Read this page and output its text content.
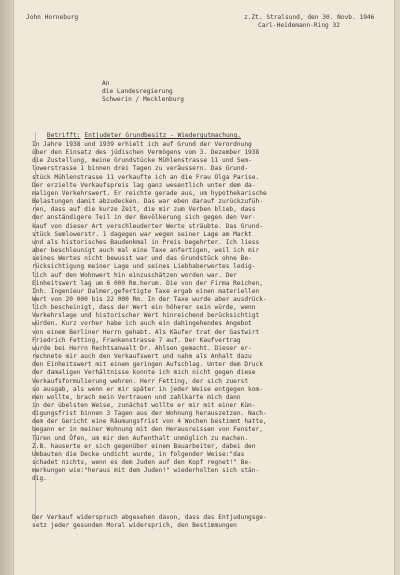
John Horneburg	z.Zt. Stralsund, den 30. Novb. 1946
Carl-Heidemann-Ring 32
An
die Landesregierung
Schwerin / Mecklenburg

Betrifft: Entjudeter Grundbesitz - Wiedergutmachung.

In Jahre 1938 und 1939 erhielt ich auf Grund der Verordnung
über den Einsatz des jüdischen Vermögens vom 3. Dezember 1938
die Zustellung, meine Grundstücke Mühlenstrasse 11 und Sem-
lowerstrasse 1 binnen drei Tagen zu veräussern. Das Grund-
stück Mühlenstrasse 11 verkaufte ich an die Frau Olga Parise.
Der erzielte Verkaufspreis lag ganz wesentlich unter dem da-
maligen Verkehrswert. Er reichte gerade aus, um hypothekarische
Belastungen damit abzudecken. Das war eben darauf zurückzufüh-
ren, dass auf die kurze Zeit, die mir zum Verben blieb, dass
der anständigere Teil in der Bevölkerung sich gegen den Ver-
kauf von dieser Art verschleuderter Werte sträubte. Das Grund-
stück Semlowerstr. 1 dagegen war wegen seiner Lage am Markt
und als historisches Baudenkmal in Preis begehrter. Ich liess
aber beschleunigt auch mal eine Taxe anfertigen, weil ich mir
seines Wertes nicht bewusst war und das Grundstück ohne Be-
rücksichtigung meiner Lage und seines Liebhaberwertes ledig-
lich auf den Wohnwert hin einzuschätzen worden war. Der
Einheitswert lag um 6 000 Rm.herum. Die von der Firma Reichen,
Inh. Ingenieur Dalmer,gefertigte Taxe ergab einen materiellen
Wert von 20 000 bis 22 000 Rm. In der Taxe wurde aber ausdrück-
lich bescheinigt, dass der Wert ein höherer sein würde, wenn
Verkehrslage und historischer Wert hinreichend berücksichtigt
würden. Kurz vorher habe ich auch ein dahingehendes Angebot
von einem Berliner Herrn gehabt. Als Käufer trat der Gastwirt
Friedrich Fetting, Frankenstrasse 7 auf. Der Kaufvertrag
wurde bei Herrn Rechtsanwalt Dr. Ahlsen gemacht. Dieser er-
rechnete mir auch den Verkaufswert und nahm als Anhalt dazu
den Einheitswert mit einem geringen Aufschlag. Unter dem Druck
der damaligen Verhältnisse konnte ich mich nicht gegen diese
Verkaufsformulierung wehren. Herr Fetting, der sich zuerst
so ausgab, als wenn er mir später in jeder Weise entgegen kom-
men wollte, brach mein Vertrauen und zahlkarte mich dann
in der übelsten Weise, zunächst wollte er mir mit einer Kün-
digungsfrist binnen 3 Tagen aus der Wohnung herauszetzen. Nach-
dem der Gericht eine Räumungsfrist von 4 Wochen bestimmt hatte,
begann er in meiner Wohnung mit den Herausreissen von Fenster,
Türen und Öfen, um mir den Aufenthalt unmöglich zu machen.
Z.B. hauserte er sich gegenüber einem Bauarbeiter, dabei den
Umbauten die Decke undicht wurde, in folgender Weise:"das
schadet nichts, wenn es dem Juden auf den Kopf regnet!" Be-
merkungen wie:"heraus mit dem Juden!" wiederholten sich stän-
dig.
Der Verkauf widerspruch abgesehen davon, dass das Entjudungsge-
setz jeder gesunden Moral widersprich, den Bestimmungen
